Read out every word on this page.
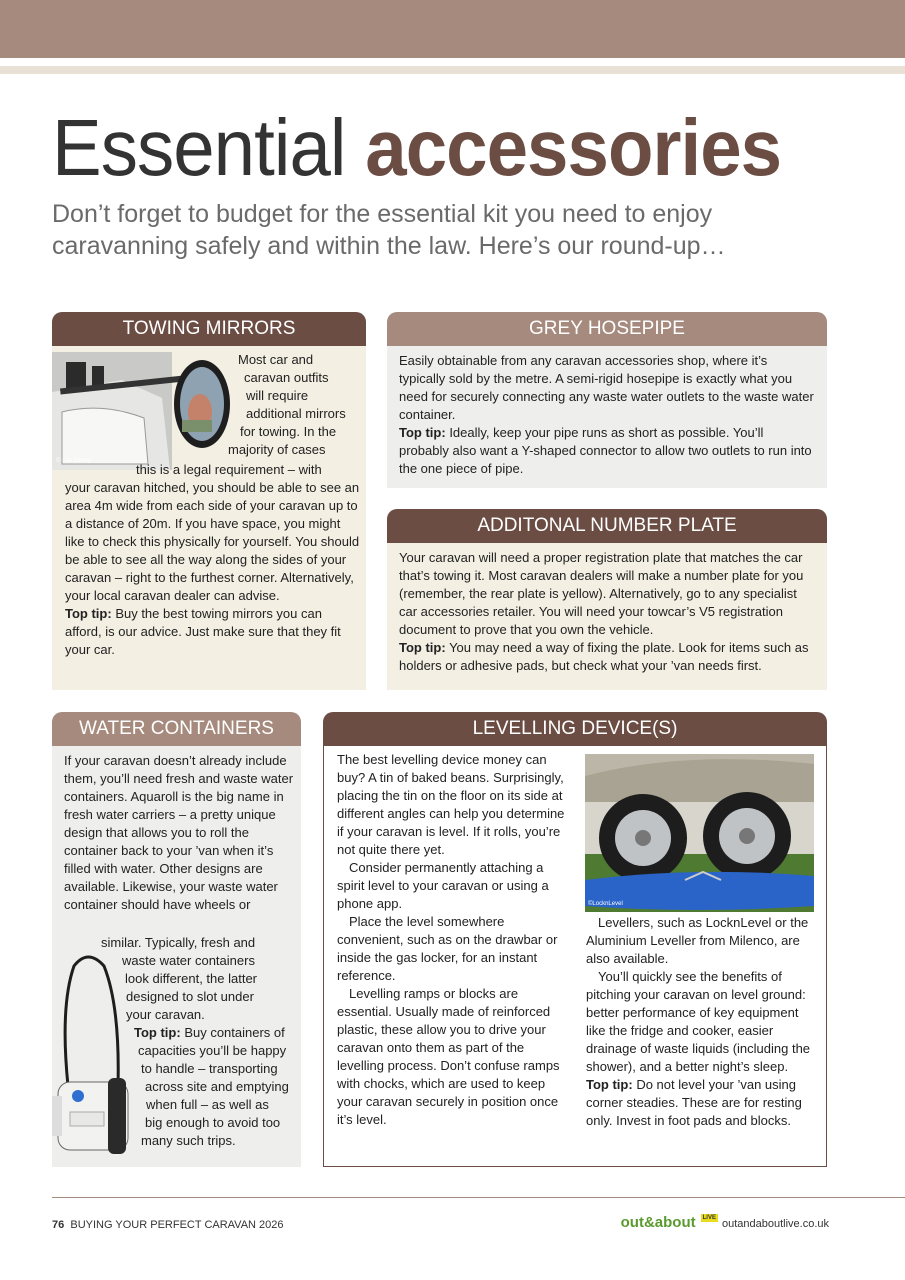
Essential accessories

Don’t forget to budget for the essential kit you need to enjoy caravanning safely and within the law. Here’s our round-up…

TOWING MIRRORS
© Lee Davey
Most car and
caravan outfits
will require
additional mirrors
for towing. In the
majority of cases
this is a legal requirement – with

your caravan hitched, you should be able to see an area 4m wide from each side of your caravan up to a distance of 20m. If you have space, you might like to check this physically for yourself. You should be able to see all the way along the sides of your caravan – right to the furthest corner. Alternatively, your local caravan dealer can advise.

Top tip: Buy the best towing mirrors you can afford, is our advice. Just make sure that they fit your car.

GREY HOSEPIPE

Easily obtainable from any caravan accessories shop, where it’s typically sold by the metre. A semi-rigid hosepipe is exactly what you need for securely connecting any waste water outlets to the waste water container.

Top tip: Ideally, keep your pipe runs as short as possible. You’ll probably also want a Y-shaped connector to allow two outlets to run into the one piece of pipe.

ADDITONAL NUMBER PLATE

Your caravan will need a proper registration plate that matches the car that’s towing it. Most caravan dealers will make a number plate for you (remember, the rear plate is yellow). Alternatively, go to any specialist car accessories retailer. You will need your towcar’s V5 registration document to prove that you own the vehicle.

Top tip: You may need a way of fixing the plate. Look for items such as holders or adhesive pads, but check what your ’van needs first.

WATER CONTAINERS
If your caravan doesn’t already include them, you’ll need fresh and waste water containers. Aquaroll is the big name in fresh water carriers – a pretty unique design that allows you to roll the container back to your ’van when it’s filled with water. Other designs are available. Likewise, your waste water container should have wheels or
similar. Typically, fresh and
waste water containers
look different, the latter
designed to slot under
your caravan.
Top tip: Buy containers of
capacities you’ll be happy
to handle – transporting
across site and emptying
when full – as well as
big enough to avoid too
many such trips.
LEVELLING DEVICE(S)

The best levelling device money can buy? A tin of baked beans. Surprisingly, placing the tin on the floor on its side at different angles can help you determine if your caravan is level. If it rolls, you’re not quite there yet.

Consider permanently attaching a spirit level to your caravan or using a phone app.

Place the level somewhere convenient, such as on the drawbar or inside the gas locker, for an instant reference.

Levelling ramps or blocks are essential. Usually made of reinforced plastic, these allow you to drive your caravan onto them as part of the levelling process. Don’t confuse ramps with chocks, which are used to keep your caravan securely in position once it’s level.

©LocknLevel

Levellers, such as LocknLevel or the Aluminium Leveller from Milenco, are also available.

You’ll quickly see the benefits of pitching your caravan on level ground: better performance of key equipment like the fridge and cooker, easier drainage of waste liquids (including the shower), and a better night’s sleep.

Top tip: Do not level your ’van using corner steadies. These are for resting only. Invest in foot pads and blocks.

76 BUYING YOUR PERFECT CARAVAN 2026	out&about LIVE outandaboutlive.co.uk
